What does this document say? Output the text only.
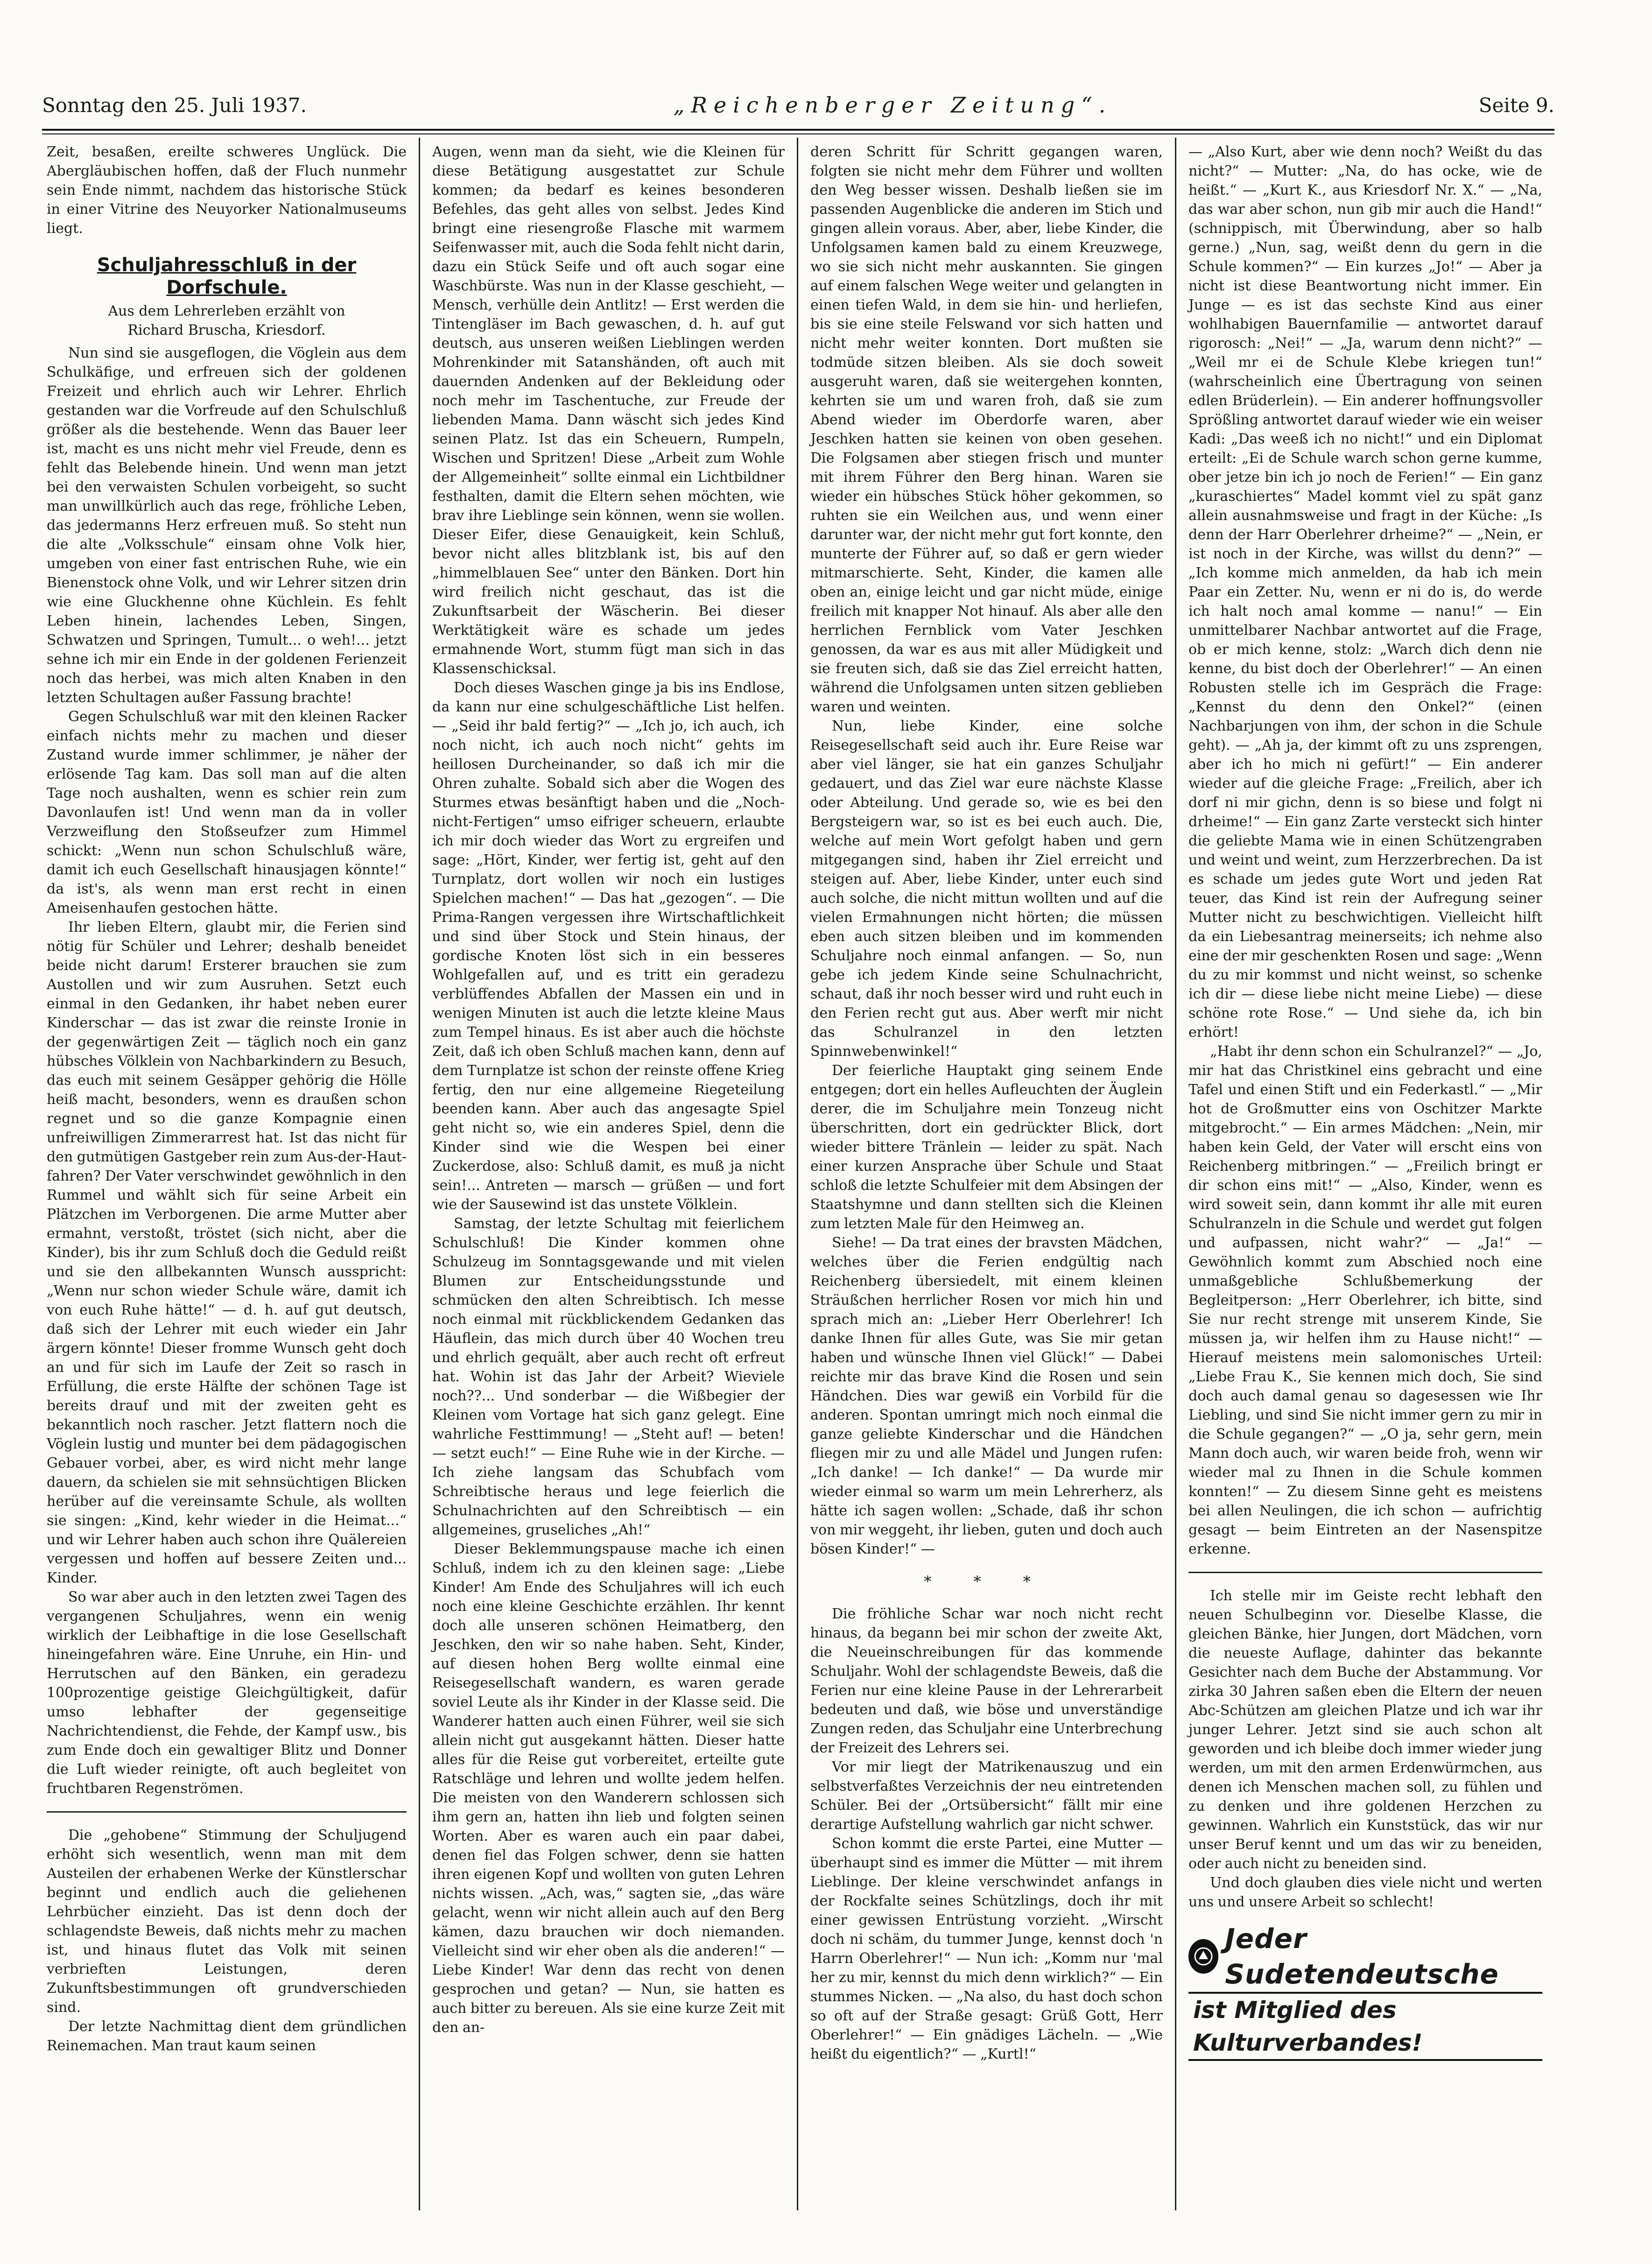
Sonntag den 25. Juli 1937.	„Reichenberger Zeitung“.	Seite 9.

Zeit, besaßen, ereilte schweres Unglück. Die Abergläubischen hoffen, daß der Fluch nunmehr sein Ende nimmt, nachdem das historische Stück in einer Vitrine des Neuyorker Nationalmuseums liegt.

Schuljahresschluß in der Dorfschule.

Aus dem Lehrerleben erzählt von
Richard Bruscha, Kriesdorf.

Nun sind sie ausgeflogen, die Vöglein aus dem Schulkäfige, und erfreuen sich der goldenen Freizeit und ehrlich auch wir Lehrer. Ehrlich gestanden war die Vorfreude auf den Schulschluß größer als die bestehende. Wenn das Bauer leer ist, macht es uns nicht mehr viel Freude, denn es fehlt das Belebende hinein. Und wenn man jetzt bei den verwaisten Schulen vorbeigeht, so sucht man unwillkürlich auch das rege, fröhliche Leben, das jedermanns Herz erfreuen muß. So steht nun die alte „Volksschule“ einsam ohne Volk hier, umgeben von einer fast entrischen Ruhe, wie ein Bienenstock ohne Volk, und wir Lehrer sitzen drin wie eine Gluckhenne ohne Küchlein. Es fehlt Leben hinein, lachendes Leben, Singen, Schwatzen und Springen, Tumult... o weh!... jetzt sehne ich mir ein Ende in der goldenen Ferienzeit noch das herbei, was mich alten Knaben in den letzten Schultagen außer Fassung brachte!

Gegen Schulschluß war mit den kleinen Racker einfach nichts mehr zu machen und dieser Zustand wurde immer schlimmer, je näher der erlösende Tag kam. Das soll man auf die alten Tage noch aushalten, wenn es schier rein zum Davonlaufen ist! Und wenn man da in voller Verzweiflung den Stoßseufzer zum Himmel schickt: „Wenn nun schon Schulschluß wäre, damit ich euch Gesellschaft hinausjagen könnte!“ da ist's, als wenn man erst recht in einen Ameisenhaufen gestochen hätte.

Ihr lieben Eltern, glaubt mir, die Ferien sind nötig für Schüler und Lehrer; deshalb beneidet beide nicht darum! Ersterer brauchen sie zum Austollen und wir zum Ausruhen. Setzt euch einmal in den Gedanken, ihr habet neben eurer Kinderschar — das ist zwar die reinste Ironie in der gegenwärtigen Zeit — täglich noch ein ganz hübsches Völklein von Nachbarkindern zu Besuch, das euch mit seinem Gesäpper gehörig die Hölle heiß macht, besonders, wenn es draußen schon regnet und so die ganze Kompagnie einen unfreiwilligen Zimmerarrest hat. Ist das nicht für den gutmütigen Gastgeber rein zum Aus-der-Haut-fahren? Der Vater verschwindet gewöhnlich in den Rummel und wählt sich für seine Arbeit ein Plätzchen im Verborgenen. Die arme Mutter aber ermahnt, verstoßt, tröstet (sich nicht, aber die Kinder), bis ihr zum Schluß doch die Geduld reißt und sie den allbekannten Wunsch ausspricht: „Wenn nur schon wieder Schule wäre, damit ich von euch Ruhe hätte!“ — d. h. auf gut deutsch, daß sich der Lehrer mit euch wieder ein Jahr ärgern könnte! Dieser fromme Wunsch geht doch an und für sich im Laufe der Zeit so rasch in Erfüllung, die erste Hälfte der schönen Tage ist bereits drauf und mit der zweiten geht es bekanntlich noch rascher. Jetzt flattern noch die Vöglein lustig und munter bei dem pädagogischen Gebauer vorbei, aber, es wird nicht mehr lange dauern, da schielen sie mit sehnsüchtigen Blicken herüber auf die vereinsamte Schule, als wollten sie singen: „Kind, kehr wieder in die Heimat...“ und wir Lehrer haben auch schon ihre Quälereien vergessen und hoffen auf bessere Zeiten und... Kinder.

So war aber auch in den letzten zwei Tagen des vergangenen Schuljahres, wenn ein wenig wirklich der Leibhaftige in die lose Gesellschaft hineingefahren wäre. Eine Unruhe, ein Hin- und Herrutschen auf den Bänken, ein geradezu 100prozentige geistige Gleichgültigkeit, dafür umso lebhafter der gegenseitige Nachrichtendienst, die Fehde, der Kampf usw., bis zum Ende doch ein gewaltiger Blitz und Donner die Luft wieder reinigte, oft auch begleitet von fruchtbaren Regenströmen.

Die „gehobene“ Stimmung der Schuljugend erhöht sich wesentlich, wenn man mit dem Austeilen der erhabenen Werke der Künstlerschar beginnt und endlich auch die geliehenen Lehrbücher einzieht. Das ist denn doch der schlagendste Beweis, daß nichts mehr zu machen ist, und hinaus flutet das Volk mit seinen verbrieften Leistungen, deren Zukunftsbestimmungen oft grundverschieden sind.

Der letzte Nachmittag dient dem gründlichen Reinemachen. Man traut kaum seinen

Augen, wenn man da sieht, wie die Kleinen für diese Betätigung ausgestattet zur Schule kommen; da bedarf es keines besonderen Befehles, das geht alles von selbst. Jedes Kind bringt eine riesengroße Flasche mit warmem Seifenwasser mit, auch die Soda fehlt nicht darin, dazu ein Stück Seife und oft auch sogar eine Waschbürste. Was nun in der Klasse geschieht, — Mensch, verhülle dein Antlitz! — Erst werden die Tintengläser im Bach gewaschen, d. h. auf gut deutsch, aus unseren weißen Lieblingen werden Mohrenkinder mit Satanshänden, oft auch mit dauernden Andenken auf der Bekleidung oder noch mehr im Taschentuche, zur Freude der liebenden Mama. Dann wäscht sich jedes Kind seinen Platz. Ist das ein Scheuern, Rumpeln, Wischen und Spritzen! Diese „Arbeit zum Wohle der Allgemeinheit“ sollte einmal ein Lichtbildner festhalten, damit die Eltern sehen möchten, wie brav ihre Lieblinge sein können, wenn sie wollen. Dieser Eifer, diese Genauigkeit, kein Schluß, bevor nicht alles blitzblank ist, bis auf den „himmelblauen See“ unter den Bänken. Dort hin wird freilich nicht geschaut, das ist die Zukunftsarbeit der Wäscherin. Bei dieser Werktätigkeit wäre es schade um jedes ermahnende Wort, stumm fügt man sich in das Klassenschicksal.

Doch dieses Waschen ginge ja bis ins Endlose, da kann nur eine schulgeschäftliche List helfen. — „Seid ihr bald fertig?“ — „Ich jo, ich auch, ich noch nicht, ich auch noch nicht“ gehts im heillosen Durcheinander, so daß ich mir die Ohren zuhalte. Sobald sich aber die Wogen des Sturmes etwas besänftigt haben und die „Noch-nicht-Fertigen“ umso eifriger scheuern, erlaubte ich mir doch wieder das Wort zu ergreifen und sage: „Hört, Kinder, wer fertig ist, geht auf den Turnplatz, dort wollen wir noch ein lustiges Spielchen machen!“ — Das hat „gezogen“. — Die Prima-Rangen vergessen ihre Wirtschaftlichkeit und sind über Stock und Stein hinaus, der gordische Knoten löst sich in ein besseres Wohlgefallen auf, und es tritt ein geradezu verblüffendes Abfallen der Massen ein und in wenigen Minuten ist auch die letzte kleine Maus zum Tempel hinaus. Es ist aber auch die höchste Zeit, daß ich oben Schluß machen kann, denn auf dem Turnplatze ist schon der reinste offene Krieg fertig, den nur eine allgemeine Riegeteilung beenden kann. Aber auch das angesagte Spiel geht nicht so, wie ein anderes Spiel, denn die Kinder sind wie die Wespen bei einer Zuckerdose, also: Schluß damit, es muß ja nicht sein!... Antreten — marsch — grüßen — und fort wie der Sausewind ist das unstete Völklein.

Samstag, der letzte Schultag mit feierlichem Schulschluß! Die Kinder kommen ohne Schulzeug im Sonntagsgewande und mit vielen Blumen zur Entscheidungsstunde und schmücken den alten Schreibtisch. Ich messe noch einmal mit rückblickendem Gedanken das Häuflein, das mich durch über 40 Wochen treu und ehrlich gequält, aber auch recht oft erfreut hat. Wohin ist das Jahr der Arbeit? Wieviele noch??... Und sonderbar — die Wißbegier der Kleinen vom Vortage hat sich ganz gelegt. Eine wahrliche Festtimmung! — „Steht auf! — beten! — setzt euch!“ — Eine Ruhe wie in der Kirche. — Ich ziehe langsam das Schubfach vom Schreibtische heraus und lege feierlich die Schulnachrichten auf den Schreibtisch — ein allgemeines, gruseliches „Ah!“

Dieser Beklemmungspause mache ich einen Schluß, indem ich zu den kleinen sage: „Liebe Kinder! Am Ende des Schuljahres will ich euch noch eine kleine Geschichte erzählen. Ihr kennt doch alle unseren schönen Heimatberg, den Jeschken, den wir so nahe haben. Seht, Kinder, auf diesen hohen Berg wollte einmal eine Reisegesellschaft wandern, es waren gerade soviel Leute als ihr Kinder in der Klasse seid. Die Wanderer hatten auch einen Führer, weil sie sich allein nicht gut ausgekannt hätten. Dieser hatte alles für die Reise gut vorbereitet, erteilte gute Ratschläge und lehren und wollte jedem helfen. Die meisten von den Wanderern schlossen sich ihm gern an, hatten ihn lieb und folgten seinen Worten. Aber es waren auch ein paar dabei, denen fiel das Folgen schwer, denn sie hatten ihren eigenen Kopf und wollten von guten Lehren nichts wissen. „Ach, was,“ sagten sie, „das wäre gelacht, wenn wir nicht allein auch auf den Berg kämen, dazu brauchen wir doch niemanden. Vielleicht sind wir eher oben als die anderen!“ — Liebe Kinder! War denn das recht von denen gesprochen und getan? — Nun, sie hatten es auch bitter zu bereuen. Als sie eine kurze Zeit mit den an-

deren Schritt für Schritt gegangen waren, folgten sie nicht mehr dem Führer und wollten den Weg besser wissen. Deshalb ließen sie im passenden Augenblicke die anderen im Stich und gingen allein voraus. Aber, aber, liebe Kinder, die Unfolgsamen kamen bald zu einem Kreuzwege, wo sie sich nicht mehr auskannten. Sie gingen auf einem falschen Wege weiter und gelangten in einen tiefen Wald, in dem sie hin- und herliefen, bis sie eine steile Felswand vor sich hatten und nicht mehr weiter konnten. Dort mußten sie todmüde sitzen bleiben. Als sie doch soweit ausgeruht waren, daß sie weitergehen konnten, kehrten sie um und waren froh, daß sie zum Abend wieder im Oberdorfe waren, aber Jeschken hatten sie keinen von oben gesehen. Die Folgsamen aber stiegen frisch und munter mit ihrem Führer den Berg hinan. Waren sie wieder ein hübsches Stück höher gekommen, so ruhten sie ein Weilchen aus, und wenn einer darunter war, der nicht mehr gut fort konnte, den munterte der Führer auf, so daß er gern wieder mitmarschierte. Seht, Kinder, die kamen alle oben an, einige leicht und gar nicht müde, einige freilich mit knapper Not hinauf. Als aber alle den herrlichen Fernblick vom Vater Jeschken genossen, da war es aus mit aller Müdigkeit und sie freuten sich, daß sie das Ziel erreicht hatten, während die Unfolgsamen unten sitzen geblieben waren und weinten.

Nun, liebe Kinder, eine solche Reisegesellschaft seid auch ihr. Eure Reise war aber viel länger, sie hat ein ganzes Schuljahr gedauert, und das Ziel war eure nächste Klasse oder Abteilung. Und gerade so, wie es bei den Bergsteigern war, so ist es bei euch auch. Die, welche auf mein Wort gefolgt haben und gern mitgegangen sind, haben ihr Ziel erreicht und steigen auf. Aber, liebe Kinder, unter euch sind auch solche, die nicht mittun wollten und auf die vielen Ermahnungen nicht hörten; die müssen eben auch sitzen bleiben und im kommenden Schuljahre noch einmal anfangen. — So, nun gebe ich jedem Kinde seine Schulnachricht, schaut, daß ihr noch besser wird und ruht euch in den Ferien recht gut aus. Aber werft mir nicht das Schulranzel in den letzten Spinnwebenwinkel!“

Der feierliche Hauptakt ging seinem Ende entgegen; dort ein helles Aufleuchten der Äuglein derer, die im Schuljahre mein Tonzeug nicht überschritten, dort ein gedrückter Blick, dort wieder bittere Tränlein — leider zu spät. Nach einer kurzen Ansprache über Schule und Staat schloß die letzte Schulfeier mit dem Absingen der Staatshymne und dann stellten sich die Kleinen zum letzten Male für den Heimweg an.

Siehe! — Da trat eines der bravsten Mädchen, welches über die Ferien endgültig nach Reichenberg übersiedelt, mit einem kleinen Sträußchen herrlicher Rosen vor mich hin und sprach mich an: „Lieber Herr Oberlehrer! Ich danke Ihnen für alles Gute, was Sie mir getan haben und wünsche Ihnen viel Glück!“ — Dabei reichte mir das brave Kind die Rosen und sein Händchen. Dies war gewiß ein Vorbild für die anderen. Spontan umringt mich noch einmal die ganze geliebte Kinderschar und die Händchen fliegen mir zu und alle Mädel und Jungen rufen: „Ich danke! — Ich danke!“ — Da wurde mir wieder einmal so warm um mein Lehrerherz, als hätte ich sagen wollen: „Schade, daß ihr schon von mir weggeht, ihr lieben, guten und doch auch bösen Kinder!“ —

* * *

Die fröhliche Schar war noch nicht recht hinaus, da begann bei mir schon der zweite Akt, die Neueinschreibungen für das kommende Schuljahr. Wohl der schlagendste Beweis, daß die Ferien nur eine kleine Pause in der Lehrerarbeit bedeuten und daß, wie böse und unverständige Zungen reden, das Schuljahr eine Unterbrechung der Freizeit des Lehrers sei.

Vor mir liegt der Matrikenauszug und ein selbstverfaßtes Verzeichnis der neu eintretenden Schüler. Bei der „Ortsübersicht“ fällt mir eine derartige Aufstellung wahrlich gar nicht schwer.

Schon kommt die erste Partei, eine Mutter — überhaupt sind es immer die Mütter — mit ihrem Lieblinge. Der kleine verschwindet anfangs in der Rockfalte seines Schützlings, doch ihr mit einer gewissen Entrüstung vorzieht. „Wirscht doch ni schäm, du tummer Junge, kennst doch 'n Harrn Oberlehrer!“ — Nun ich: „Komm nur 'mal her zu mir, kennst du mich denn wirklich?“ — Ein stummes Nicken. — „Na also, du hast doch schon so oft auf der Straße gesagt: Grüß Gott, Herr Oberlehrer!“ — Ein gnädiges Lächeln. — „Wie heißt du eigentlich?“ — „Kurtl!“

— „Also Kurt, aber wie denn noch? Weißt du das nicht?“ — Mutter: „Na, do has ocke, wie de heißt.“ — „Kurt K., aus Kriesdorf Nr. X.“ — „Na, das war aber schon, nun gib mir auch die Hand!“ (schnippisch, mit Überwindung, aber so halb gerne.) „Nun, sag, weißt denn du gern in die Schule kommen?“ — Ein kurzes „Jo!“ — Aber ja nicht ist diese Beantwortung nicht immer. Ein Junge — es ist das sechste Kind aus einer wohlhabigen Bauernfamilie — antwortet darauf rigorosch: „Nei!“ — „Ja, warum denn nicht?“ — „Weil mr ei de Schule Klebe kriegen tun!“ (wahrscheinlich eine Übertragung von seinen edlen Brüderlein). — Ein anderer hoffnungsvoller Sprößling antwortet darauf wieder wie ein weiser Kadi: „Das weeß ich no nicht!“ und ein Diplomat erteilt: „Ei de Schule warch schon gerne kumme, ober jetze bin ich jo noch de Ferien!“ — Ein ganz „kuraschiertes“ Madel kommt viel zu spät ganz allein ausnahmsweise und fragt in der Küche: „Is denn der Harr Oberlehrer drheime?“ — „Nein, er ist noch in der Kirche, was willst du denn?“ — „Ich komme mich anmelden, da hab ich mein Paar ein Zetter. Nu, wenn er ni do is, do werde ich halt noch amal komme — nanu!“ — Ein unmittelbarer Nachbar antwortet auf die Frage, ob er mich kenne, stolz: „Warch dich denn nie kenne, du bist doch der Oberlehrer!“ — An einen Robusten stelle ich im Gespräch die Frage: „Kennst du denn den Onkel?“ (einen Nachbarjungen von ihm, der schon in die Schule geht). — „Ah ja, der kimmt oft zu uns zsprengen, aber ich ho mich ni gefürt!“ — Ein anderer wieder auf die gleiche Frage: „Freilich, aber ich dorf ni mir gichn, denn is so biese und folgt ni drheime!“ — Ein ganz Zarte versteckt sich hinter die geliebte Mama wie in einen Schützengraben und weint und weint, zum Herzzerbrechen. Da ist es schade um jedes gute Wort und jeden Rat teuer, das Kind ist rein der Aufregung seiner Mutter nicht zu beschwichtigen. Vielleicht hilft da ein Liebesantrag meinerseits; ich nehme also eine der mir geschenkten Rosen und sage: „Wenn du zu mir kommst und nicht weinst, so schenke ich dir — diese liebe nicht meine Liebe) — diese schöne rote Rose.“ — Und siehe da, ich bin erhört!

„Habt ihr denn schon ein Schulranzel?“ — „Jo, mir hat das Christkinel eins gebracht und eine Tafel und einen Stift und ein Federkastl.“ — „Mir hot de Großmutter eins von Oschitzer Markte mitgebrocht.“ — Ein armes Mädchen: „Nein, mir haben kein Geld, der Vater will erscht eins von Reichenberg mitbringen.“ — „Freilich bringt er dir schon eins mit!“ — „Also, Kinder, wenn es wird soweit sein, dann kommt ihr alle mit euren Schulranzeln in die Schule und werdet gut folgen und aufpassen, nicht wahr?“ — „Ja!“ — Gewöhnlich kommt zum Abschied noch eine unmaßgebliche Schlußbemerkung der Begleitperson: „Herr Oberlehrer, ich bitte, sind Sie nur recht strenge mit unserem Kinde, Sie müssen ja, wir helfen ihm zu Hause nicht!“ — Hierauf meistens mein salomonisches Urteil: „Liebe Frau K., Sie kennen mich doch, Sie sind doch auch damal genau so dagesessen wie Ihr Liebling, und sind Sie nicht immer gern zu mir in die Schule gegangen?“ — „O ja, sehr gern, mein Mann doch auch, wir waren beide froh, wenn wir wieder mal zu Ihnen in die Schule kommen konnten!“ — Zu diesem Sinne geht es meistens bei allen Neulingen, die ich schon — aufrichtig gesagt — beim Eintreten an der Nasenspitze erkenne.

Ich stelle mir im Geiste recht lebhaft den neuen Schulbeginn vor. Dieselbe Klasse, die gleichen Bänke, hier Jungen, dort Mädchen, vorn die neueste Auflage, dahinter das bekannte Gesichter nach dem Buche der Abstammung. Vor zirka 30 Jahren saßen eben die Eltern der neuen Abc-Schützen am gleichen Platze und ich war ihr junger Lehrer. Jetzt sind sie auch schon alt geworden und ich bleibe doch immer wieder jung werden, um mit den armen Erdenwürmchen, aus denen ich Menschen machen soll, zu fühlen und zu denken und ihre goldenen Herzchen zu gewinnen. Wahrlich ein Kunststück, das wir nur unser Beruf kennt und um das wir zu beneiden, oder auch nicht zu beneiden sind.

Und doch glauben dies viele nicht und werten uns und unsere Arbeit so schlecht!

Jeder Sudetendeutsche
ist Mitglied des Kulturverbandes!
